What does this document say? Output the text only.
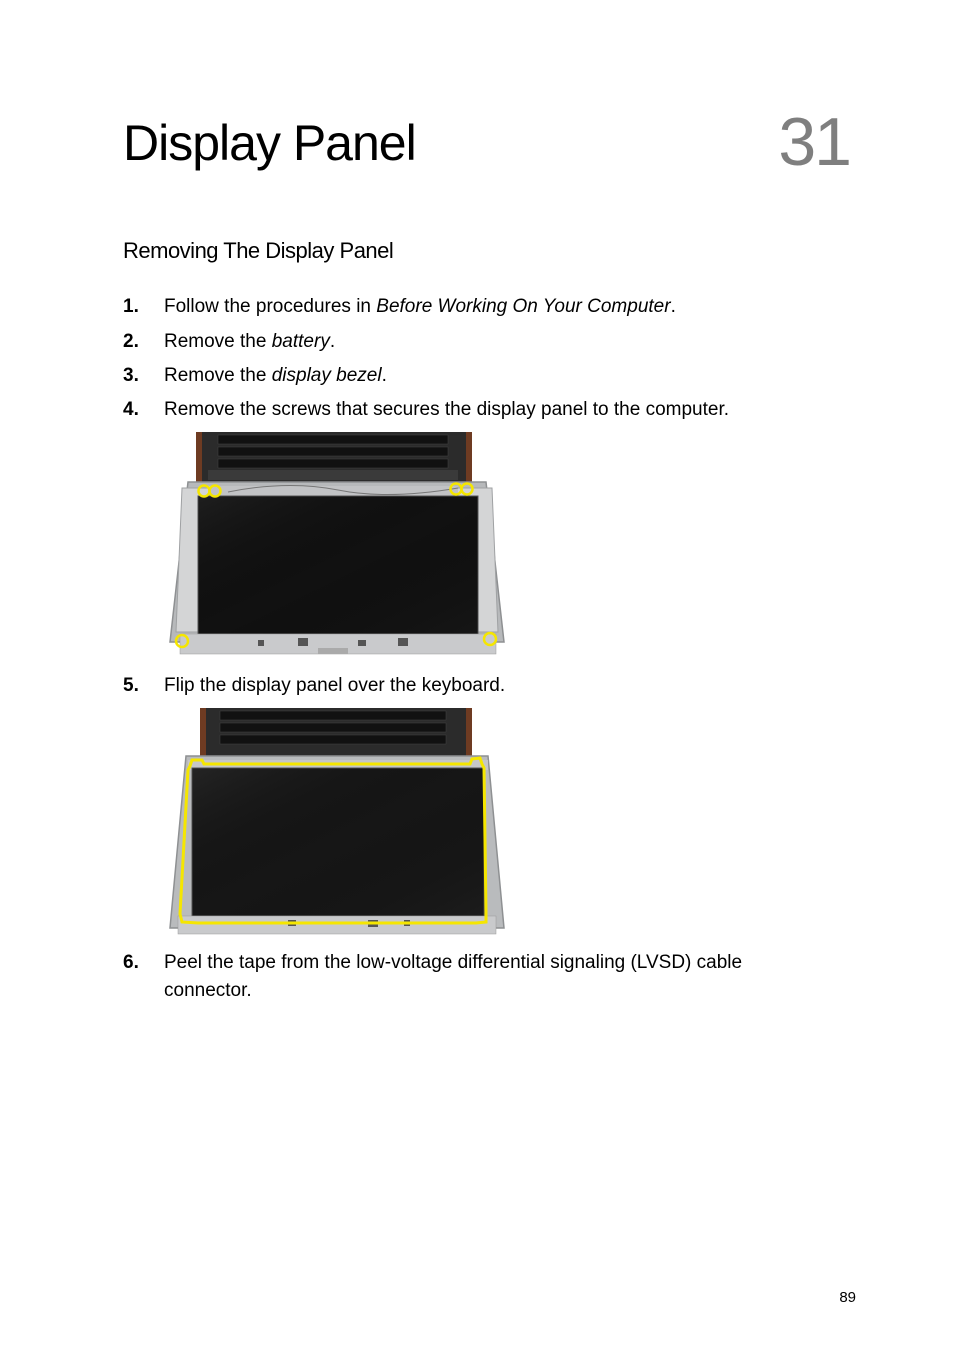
Display Panel	31
Removing The Display Panel
1. Follow the procedures in Before Working On Your Computer.
2. Remove the battery.
3. Remove the display bezel.
4. Remove the screws that secures the display panel to the computer.
5. Flip the display panel over the keyboard.
6. Peel the tape from the low-voltage differential signaling (LVSD) cable connector.
89
